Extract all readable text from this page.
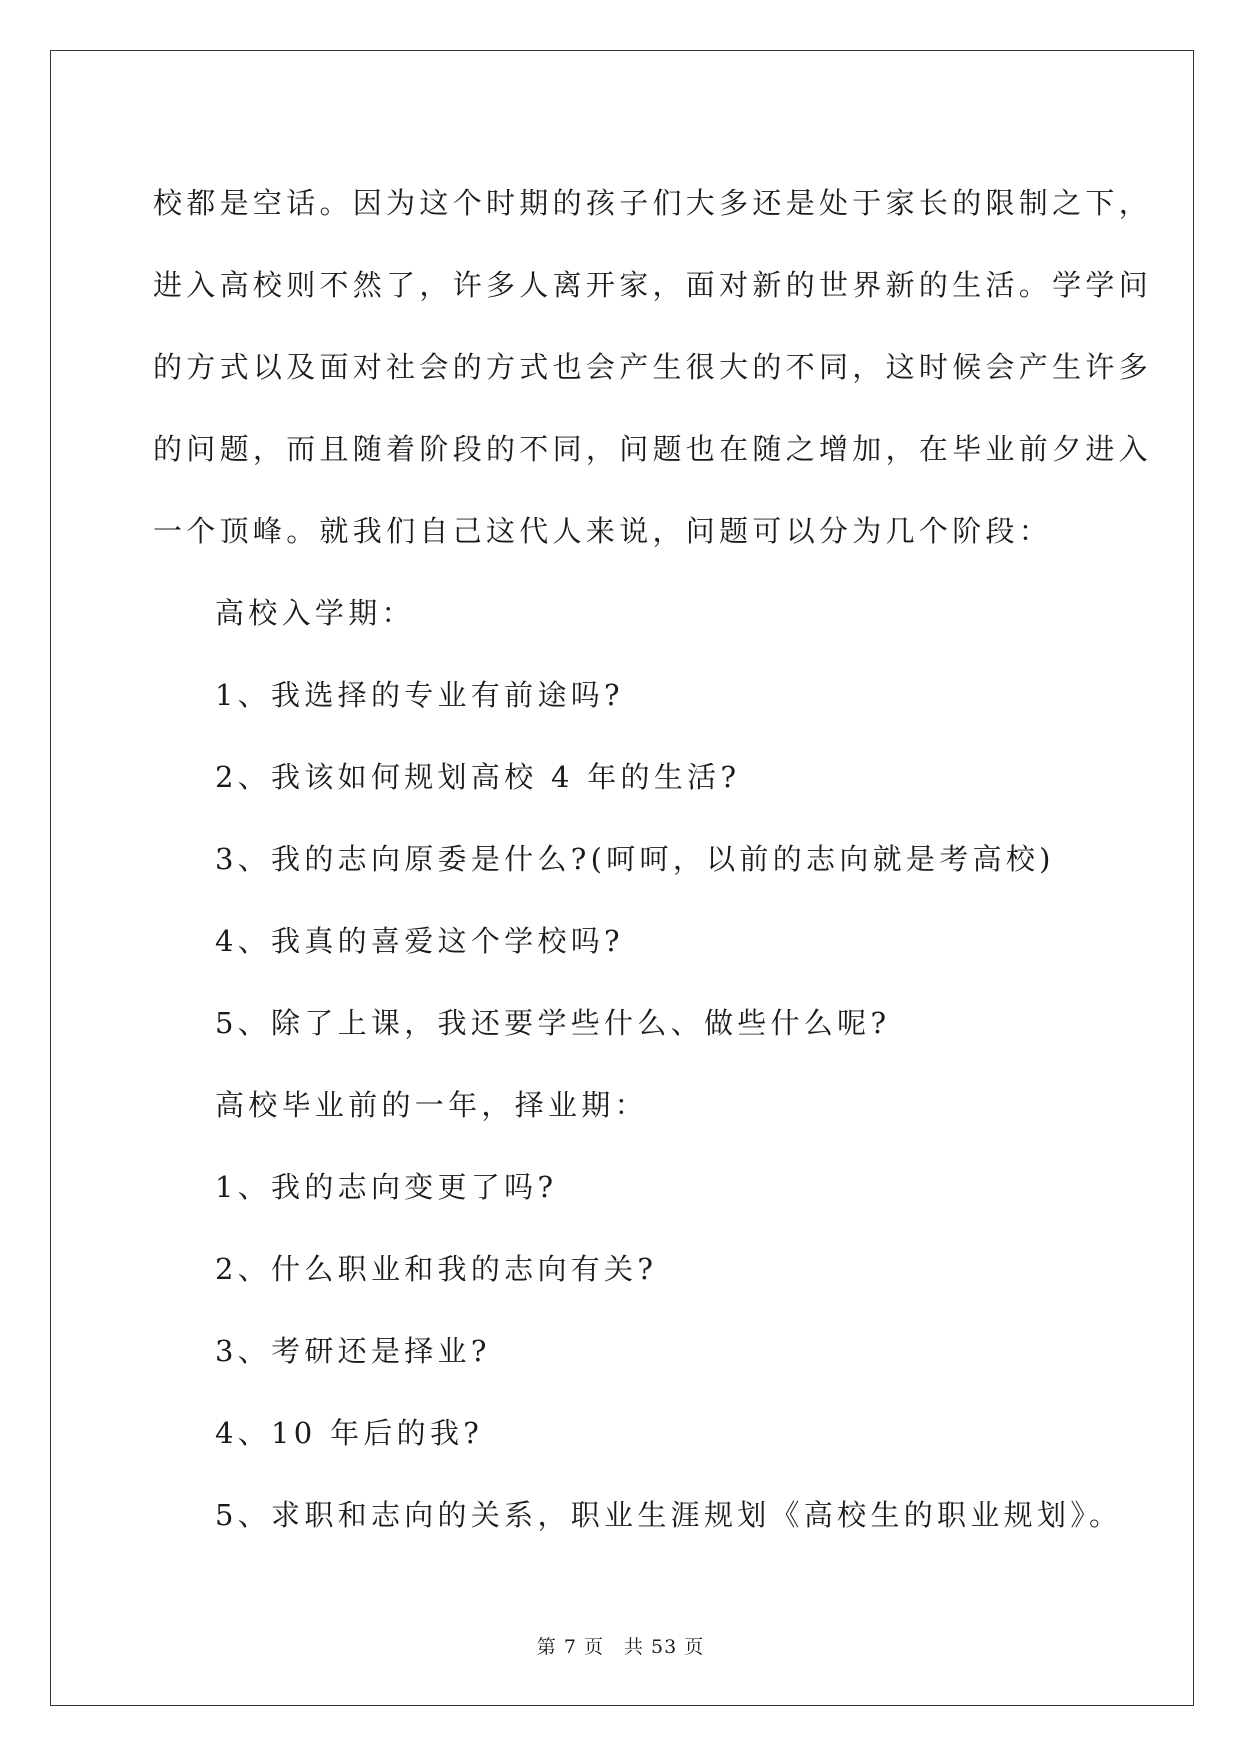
校都是空话。因为这个时期的孩子们大多还是处于家长的限制之下，
进入高校则不然了，许多人离开家，面对新的世界新的生活。学学问
的方式以及面对社会的方式也会产生很大的不同，这时候会产生许多
的问题，而且随着阶段的不同，问题也在随之增加，在毕业前夕进入
一个顶峰。就我们自己这代人来说，问题可以分为几个阶段：
高校入学期：
1、我选择的专业有前途吗?
2、我该如何规划高校 4 年的生活?
3、我的志向原委是什么?(呵呵，以前的志向就是考高校)
4、我真的喜爱这个学校吗?
5、除了上课，我还要学些什么、做些什么呢?
高校毕业前的一年，择业期：
1、我的志向变更了吗?
2、什么职业和我的志向有关?
3、考研还是择业?
4、10 年后的我?
5、求职和志向的关系，职业生涯规划《高校生的职业规划》。
第 7 页 共 53 页
